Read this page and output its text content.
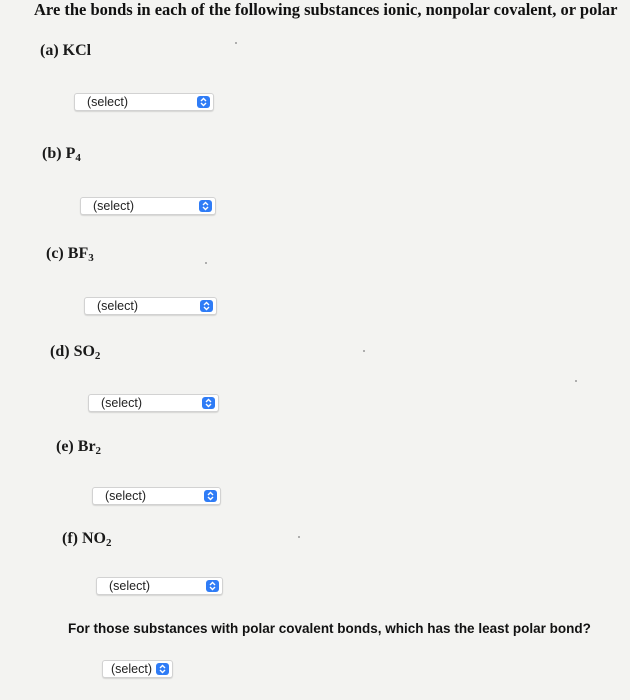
Are the bonds in each of the following substances ionic, nonpolar covalent, or polar
(a) KCl
(select)
(b) $P_4$
(select)
(c) $BF_3$
(select)
(d) $SO_2$
(select)
(e) $Br_2$
(select)
(f) $NO_2$
(select)
For those substances with polar covalent bonds, which has the least polar bond?
(select)
